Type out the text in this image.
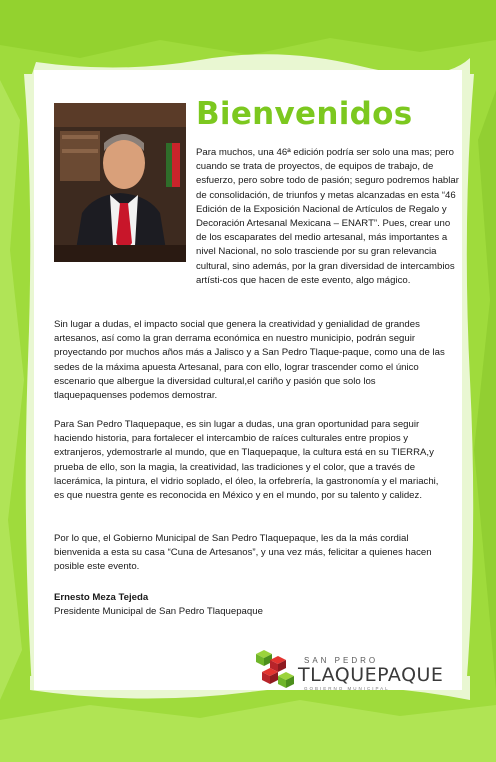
Bienvenidos

Para muchos, una 46ª edición podría ser solo una mas; pero cuando se trata de proyectos, de equipos de trabajo, de esfuerzo, pero sobre todo de pasión; seguro podremos hablar de consolidación, de triunfos y metas alcanzadas en esta “46 Edición de la Exposición Nacional de Artículos de Regalo y Decoración Artesanal Mexicana – ENART”. Pues, crear uno de los escaparates del medio artesanal, más importantes a nivel Nacional, no solo trasciende por su gran relevancia cultural, sino además, por la gran diversidad de intercambios artísti-cos que hacen de este evento, algo mágico.

Sin lugar a dudas, el impacto social que genera la creatividad y genialidad de grandes artesanos, así como la gran derrama económica en nuestro municipio, podrán seguir proyectando por muchos años más a Jalisco y a San Pedro Tlaque-paque, como una de las sedes de la máxima apuesta Artesanal, para con ello, lograr trascender como el único escenario que albergue la diversidad cultural,el cariño y pasión que solo los tlaquepaquenses podemos demostrar.

Para San Pedro Tlaquepaque, es sin lugar a dudas, una gran oportunidad para seguir haciendo historia, para fortalecer el intercambio de raíces culturales entre propios y extranjeros, ydemostrarle al mundo, que en Tlaquepaque, la cultura está en su TIERRA,y prueba de ello, son la magia, la creatividad, las tradiciones y el color, que a través de lacerámica, la pintura, el vidrio soplado, el óleo, la orfebrería, la gastronomía y el mariachi, es que nuestra gente es reconocida en México y en el mundo, por su talento y calidez.

Por lo que, el Gobierno Municipal de San Pedro Tlaquepaque, les da la más cordial bienvenida a esta su casa “Cuna de Artesanos”, y una vez más, felicitar a quienes hacen posible este evento.

Ernesto Meza Tejeda
Presidente Municipal de San Pedro Tlaquepaque
SAN PEDRO
TLAQUEPAQUE
GOBIERNO MUNICIPAL
